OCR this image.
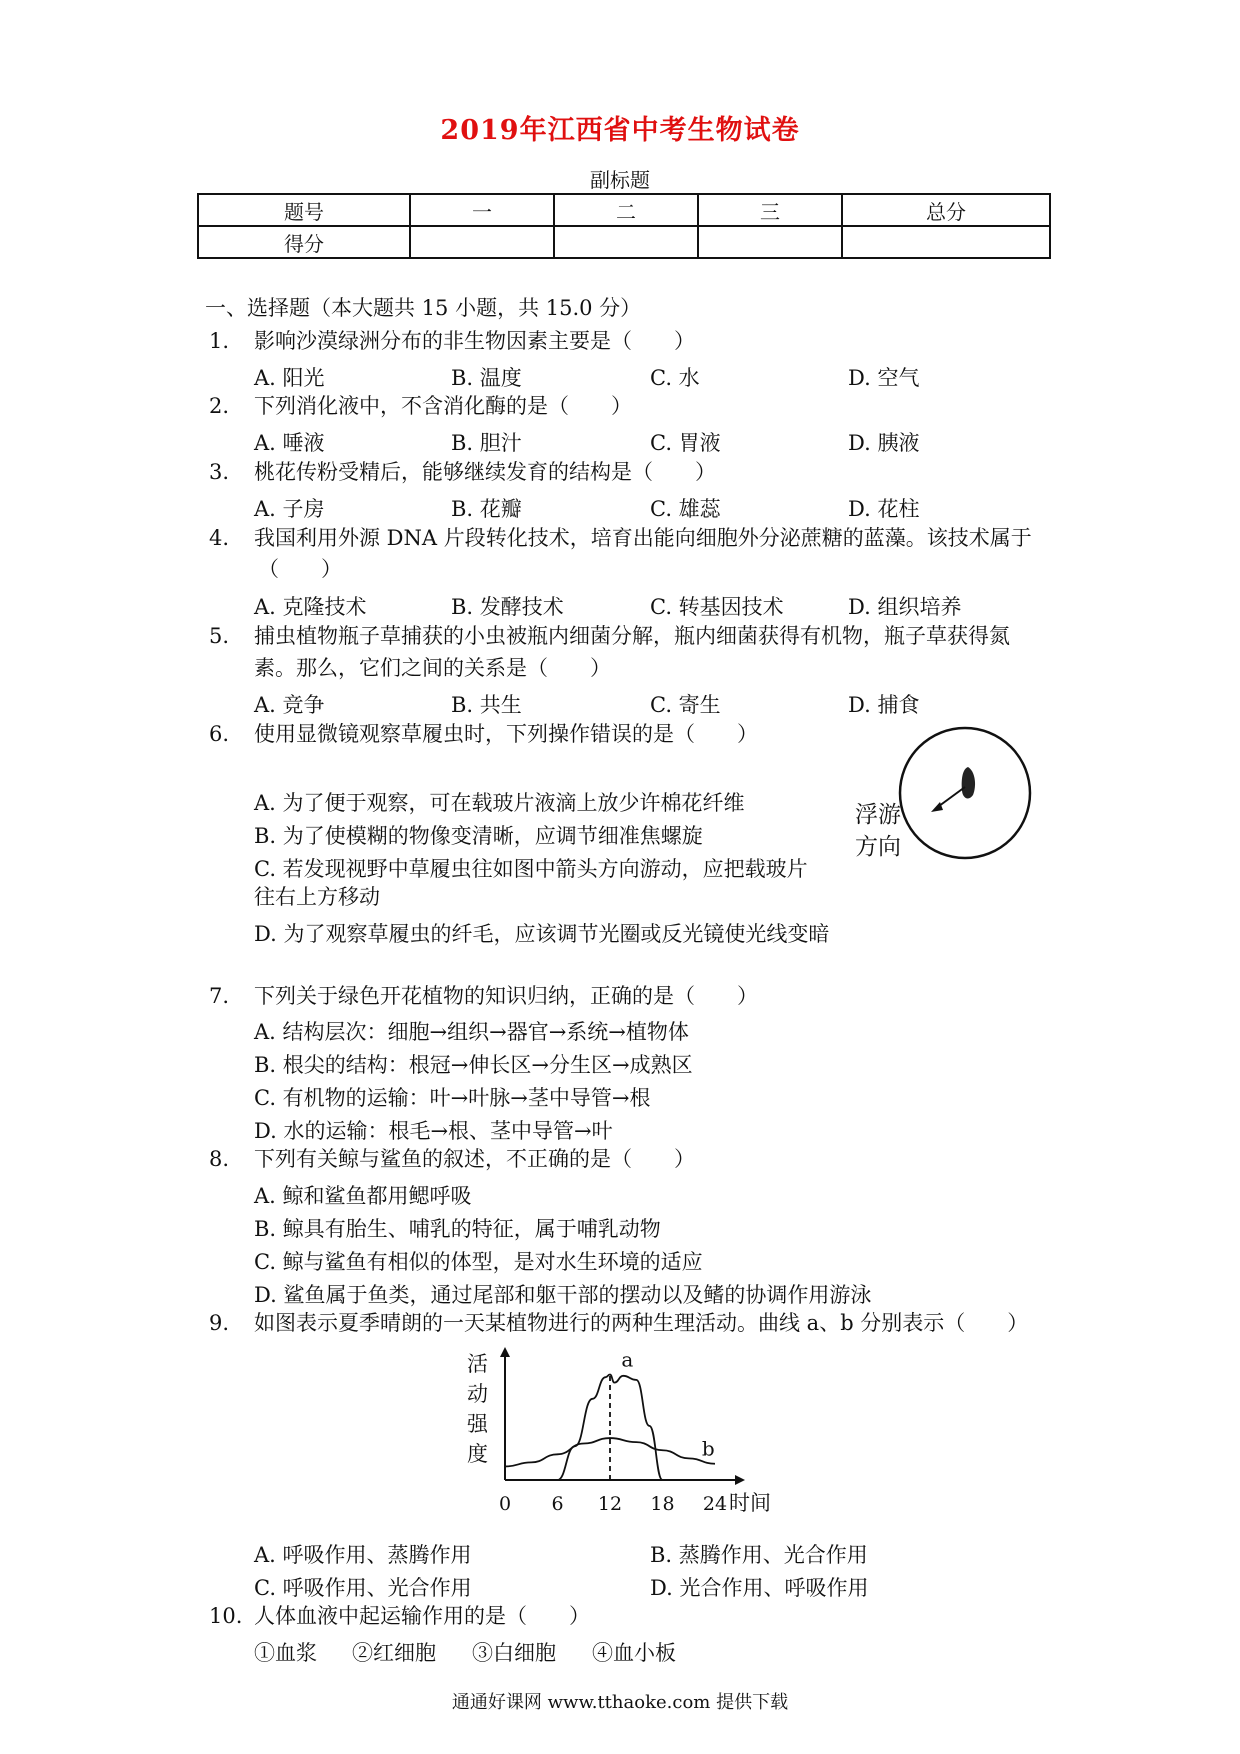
2019年江西省中考生物试卷
副标题
题号	一	二	三	总分
得分				
一、选择题（本大题共 15 小题，共 15.0 分）
1. 影响沙漠绿洲分布的非生物因素主要是（　　）
A. 阳光	B. 温度	C. 水	D. 空气
2. 下列消化液中，不含消化酶的是（　　）
A. 唾液	B. 胆汁	C. 胃液	D. 胰液
3. 桃花传粉受精后，能够继续发育的结构是（　　）
A. 子房	B. 花瓣	C. 雄蕊	D. 花柱
4. 我国利用外源 DNA 片段转化技术，培育出能向细胞外分泌蔗糖的蓝藻。该技术属于
（　　）
A. 克隆技术	B. 发酵技术	C. 转基因技术	D. 组织培养
5. 捕虫植物瓶子草捕获的小虫被瓶内细菌分解，瓶内细菌获得有机物，瓶子草获得氮
素。那么，它们之间的关系是（　　）
A. 竞争	B. 共生	C. 寄生	D. 捕食
6. 使用显微镜观察草履虫时，下列操作错误的是（　　）
A. 为了便于观察，可在载玻片液滴上放少许棉花纤维
B. 为了使模糊的物像变清晰，应调节细准焦螺旋
C. 若发现视野中草履虫往如图中箭头方向游动，应把载玻片
往右上方移动
D. 为了观察草履虫的纤毛，应该调节光圈或反光镜使光线变暗
浮游
方向
7. 下列关于绿色开花植物的知识归纳，正确的是（　　）
A. 结构层次：细胞→组织→器官→系统→植物体
B. 根尖的结构：根冠→伸长区→分生区→成熟区
C. 有机物的运输：叶→叶脉→茎中导管→根
D. 水的运输：根毛→根、茎中导管→叶
8. 下列有关鲸与鲨鱼的叙述，不正确的是（　　）
A. 鲸和鲨鱼都用鳃呼吸
B. 鲸具有胎生、哺乳的特征，属于哺乳动物
C. 鲸与鲨鱼有相似的体型，是对水生环境的适应
D. 鲨鱼属于鱼类，通过尾部和躯干部的摆动以及鳍的协调作用游泳
9. 如图表示夏季晴朗的一天某植物进行的两种生理活动。曲线 a、b 分别表示（　　）
活
动
强
度
0 6 12 18 24 时间
a
b
A. 呼吸作用、蒸腾作用	B. 蒸腾作用、光合作用
C. 呼吸作用、光合作用	D. 光合作用、呼吸作用
10. 人体血液中起运输作用的是（　　）
①血浆 ②红细胞 ③白细胞 ④血小板
通通好课网 www.tthaoke.com 提供下载
